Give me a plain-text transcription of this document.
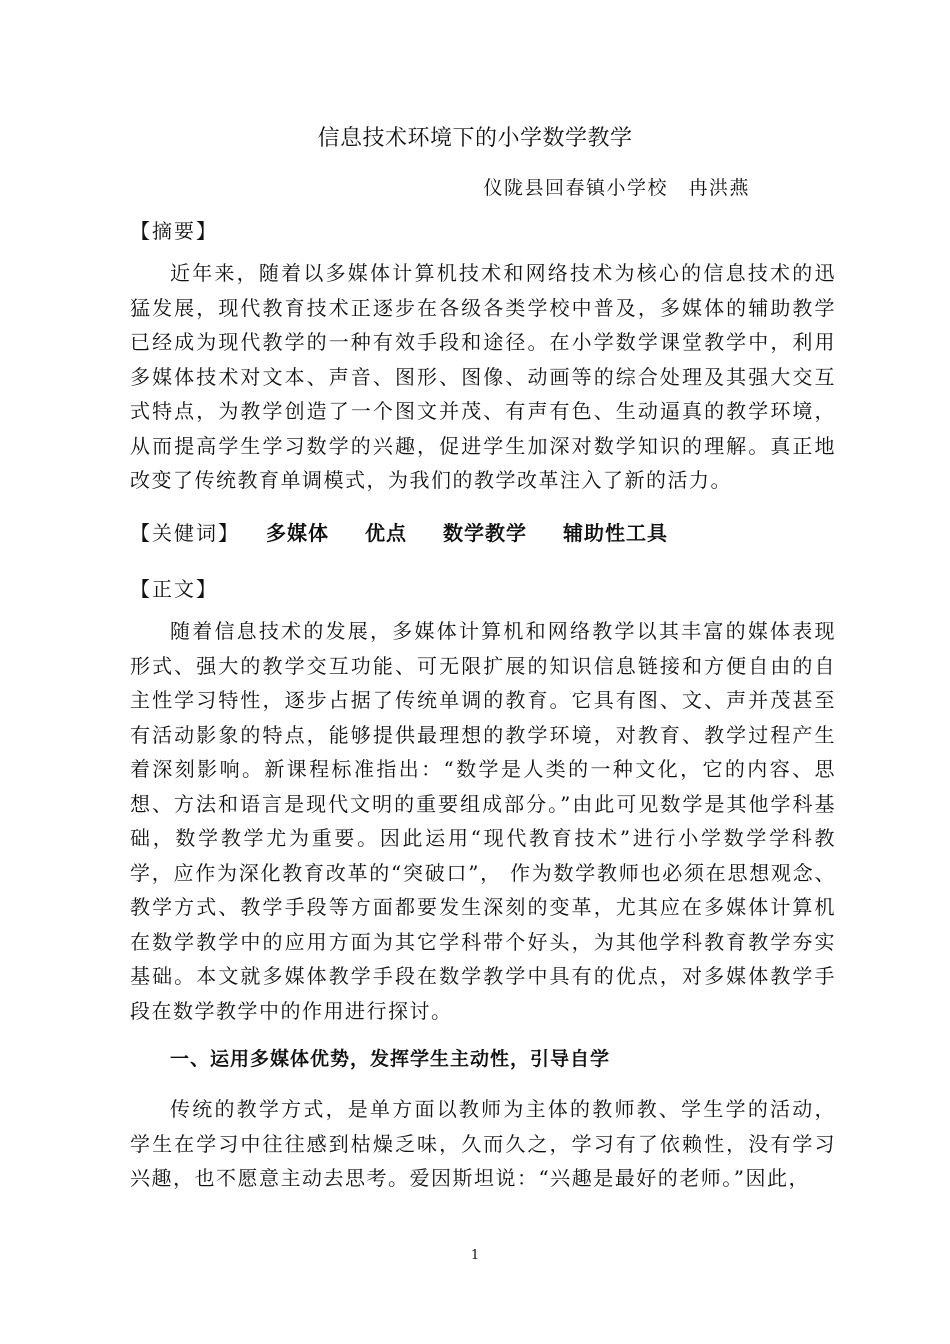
信息技术环境下的小学数学教学
仪陇县回春镇小学校　冉洪燕
【摘要】

近年来，随着以多媒体计算机技术和网络技术为核心的信息技术的迅猛发展，现代教育技术正逐步在各级各类学校中普及，多媒体的辅助教学已经成为现代教学的一种有效手段和途径。在小学数学课堂教学中，利用多媒体技术对文本、声音、图形、图像、动画等的综合处理及其强大交互式特点，为教学创造了一个图文并茂、有声有色、生动逼真的教学环境，从而提高学生学习数学的兴趣，促进学生加深对数学知识的理解。真正地改变了传统教育单调模式，为我们的教学改革注入了新的活力。

【关健词】 多媒体 优点 数学教学 辅助性工具
【正文】

随着信息技术的发展，多媒体计算机和网络教学以其丰富的媒体表现形式、强大的教学交互功能、可无限扩展的知识信息链接和方便自由的自主性学习特性，逐步占据了传统单调的教育。它具有图、文、声并茂甚至有活动影象的特点，能够提供最理想的教学环境，对教育、教学过程产生着深刻影响。新课程标准指出：“数学是人类的一种文化，它的内容、思想、方法和语言是现代文明的重要组成部分。”由此可见数学是其他学科基础，数学教学尤为重要。因此运用“现代教育技术”进行小学数学学科教学，应作为深化教育改革的“突破口”， 作为数学教师也必须在思想观念、教学方式、教学手段等方面都要发生深刻的变革，尤其应在多媒体计算机在数学教学中的应用方面为其它学科带个好头，为其他学科教育教学夯实基础。本文就多媒体教学手段在数学教学中具有的优点，对多媒体教学手段在数学教学中的作用进行探讨。

一、运用多媒体优势，发挥学生主动性，引导自学

传统的教学方式，是单方面以教师为主体的教师教、学生学的活动，学生在学习中往往感到枯燥乏味，久而久之，学习有了依赖性，没有学习兴趣，也不愿意主动去思考。爱因斯坦说：“兴趣是最好的老师。”因此，

1
